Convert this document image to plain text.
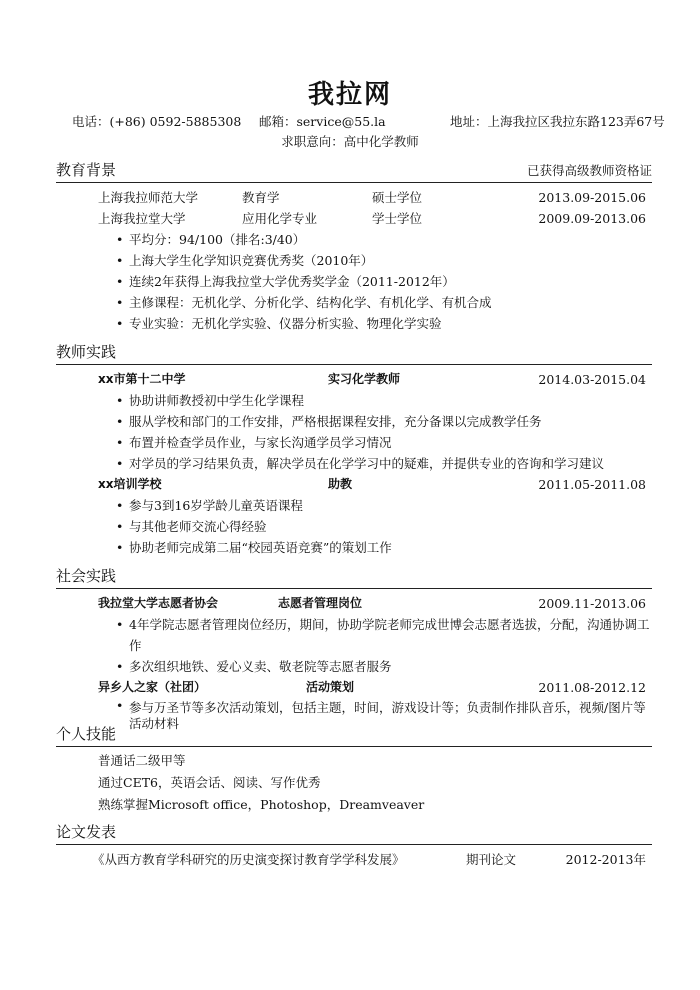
我拉网
电话：(+86) 0592-5885308 邮箱：service@55.la	地址：上海我拉区我拉东路123弄67号
求职意向：高中化学教师
教育背景	已获得高级教师资格证
上海我拉师范大学	教育学	硕士学位	2013.09-2015.06
上海我拉堂大学	应用化学专业	学士学位	2009.09-2013.06
• 平均分：94/100（排名:3/40）
• 上海大学生化学知识竞赛优秀奖（2010年）
• 连续2年获得上海我拉堂大学优秀奖学金（2011-2012年）
• 主修课程：无机化学、分析化学、结构化学、有机化学、有机合成
• 专业实验：无机化学实验、仪器分析实验、物理化学实验
教师实践
xx市第十二中学	实习化学教师	2014.03-2015.04
• 协助讲师教授初中学生化学课程
• 服从学校和部门的工作安排，严格根据课程安排，充分备课以完成教学任务
• 布置并检查学员作业，与家长沟通学员学习情况
• 对学员的学习结果负责，解决学员在化学学习中的疑难，并提供专业的咨询和学习建议
xx培训学校	助教	2011.05-2011.08
• 参与3到16岁学龄儿童英语课程
• 与其他老师交流心得经验
• 协助老师完成第二届“校园英语竞赛”的策划工作
社会实践
我拉堂大学志愿者协会	志愿者管理岗位	2009.11-2013.06
• 4年学院志愿者管理岗位经历，期间，协助学院老师完成世博会志愿者选拔，分配，沟通协调工作
• 多次组织地铁、爱心义卖、敬老院等志愿者服务
异乡人之家（社团）	活动策划	2011.08-2012.12
• 参与万圣节等多次活动策划，包括主题，时间，游戏设计等；负责制作排队音乐，视频/图片等活动材料
个人技能
普通话二级甲等
通过CET6，英语会话、阅读、写作优秀
熟练掌握Microsoft office，Photoshop，Dreamveaver
论文发表
《从西方教育学科研究的历史演变探讨教育学学科发展》	期刊论文	2012-2013年
